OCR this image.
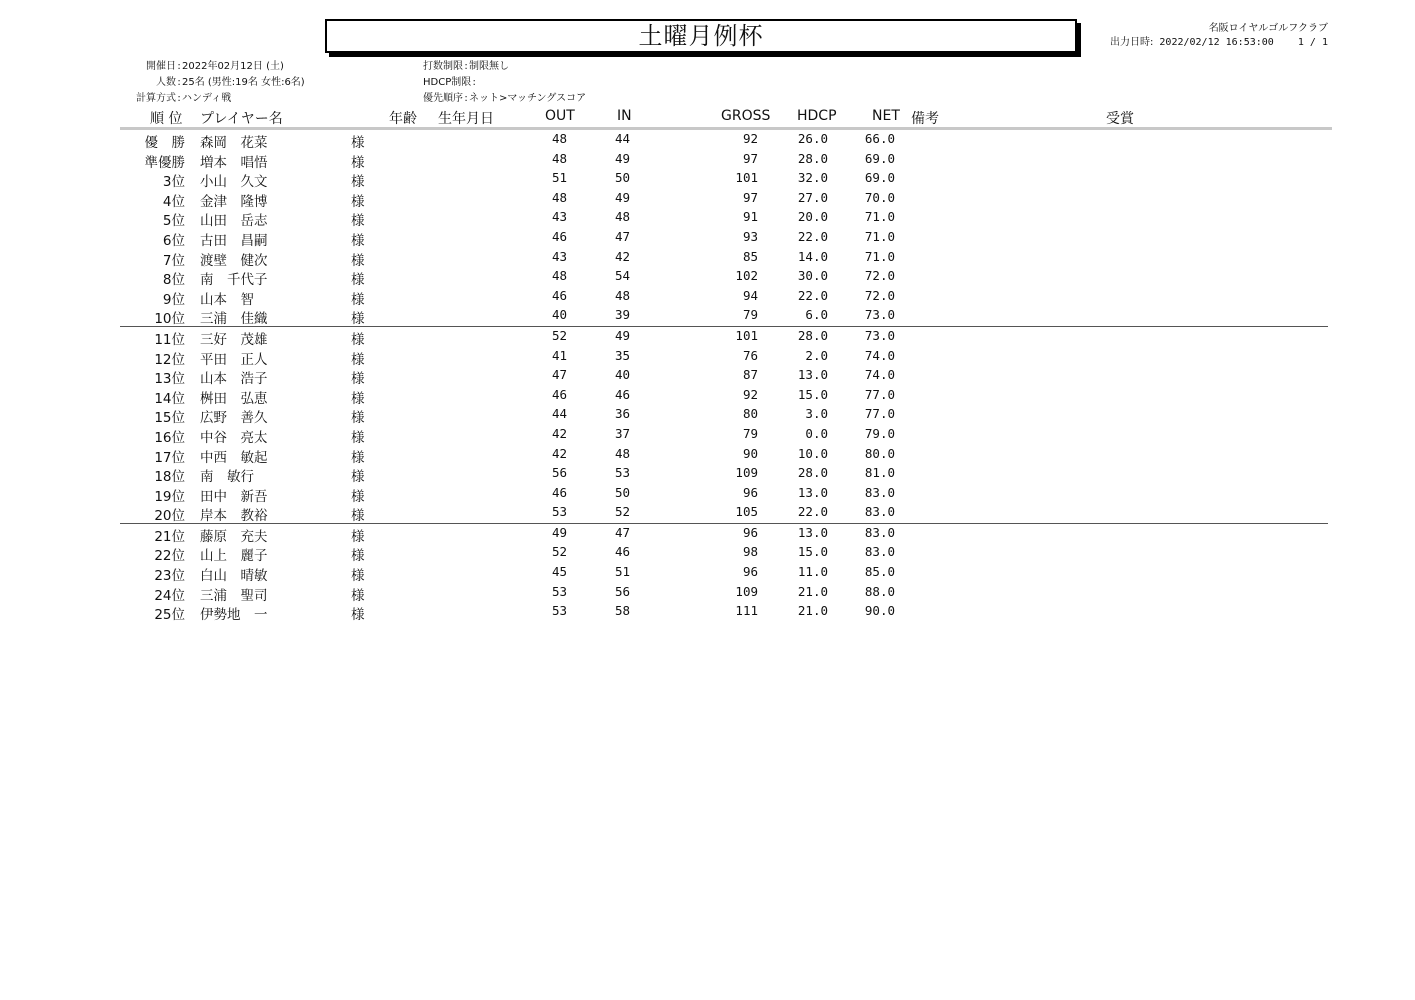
土曜月例杯	名阪ロイヤルゴルフクラブ
出力日時: 2022/02/12 16:53:00 1 / 1
開催日 : 2022年02月12日 (土)
人数 : 25名 (男性:19名 女性:6名)
計算方式 : ハンディ戦
打数制限 : 制限無し
HDCP制限 :
優先順序 : ネット>マッチングスコア
順 位 プレイヤー名	年齢 生年月日	OUT	IN	GROSS HDCP	NET 備考	受賞
優　勝 森岡　花菜	様	48	44	92	26.0	66.0
準優勝 増本　唱悟	様	48	49	97	28.0	69.0
3位 小山　久文	様	51	50	101	32.0	69.0
4位 金津　隆博	様	48	49	97	27.0	70.0
5位 山田　岳志	様	43	48	91	20.0	71.0
6位 古田　昌嗣	様	46	47	93	22.0	71.0
7位 渡壁　健次	様	43	42	85	14.0	71.0
8位 南　千代子	様	48	54	102	30.0	72.0
9位 山本　智	様	46	48	94	22.0	72.0
10位 三浦　佳織	様	40	39	79	6.0	73.0
11位 三好　茂雄	様	52	49	101	28.0	73.0
12位 平田　正人	様	41	35	76	2.0	74.0
13位 山本　浩子	様	47	40	87	13.0	74.0
14位 桝田　弘恵	様	46	46	92	15.0	77.0
15位 広野　善久	様	44	36	80	3.0	77.0
16位 中谷　亮太	様	42	37	79	0.0	79.0
17位 中西　敏起	様	42	48	90	10.0	80.0
18位 南　敏行	様	56	53	109	28.0	81.0
19位 田中　新吾	様	46	50	96	13.0	83.0
20位 岸本　教裕	様	53	52	105	22.0	83.0
21位 藤原　充夫	様	49	47	96	13.0	83.0
22位 山上　麗子	様	52	46	98	15.0	83.0
23位 白山　晴敏	様	45	51	96	11.0	85.0
24位 三浦　聖司	様	53	56	109	21.0	88.0
25位 伊勢地　一	様	53	58	111	21.0	90.0
